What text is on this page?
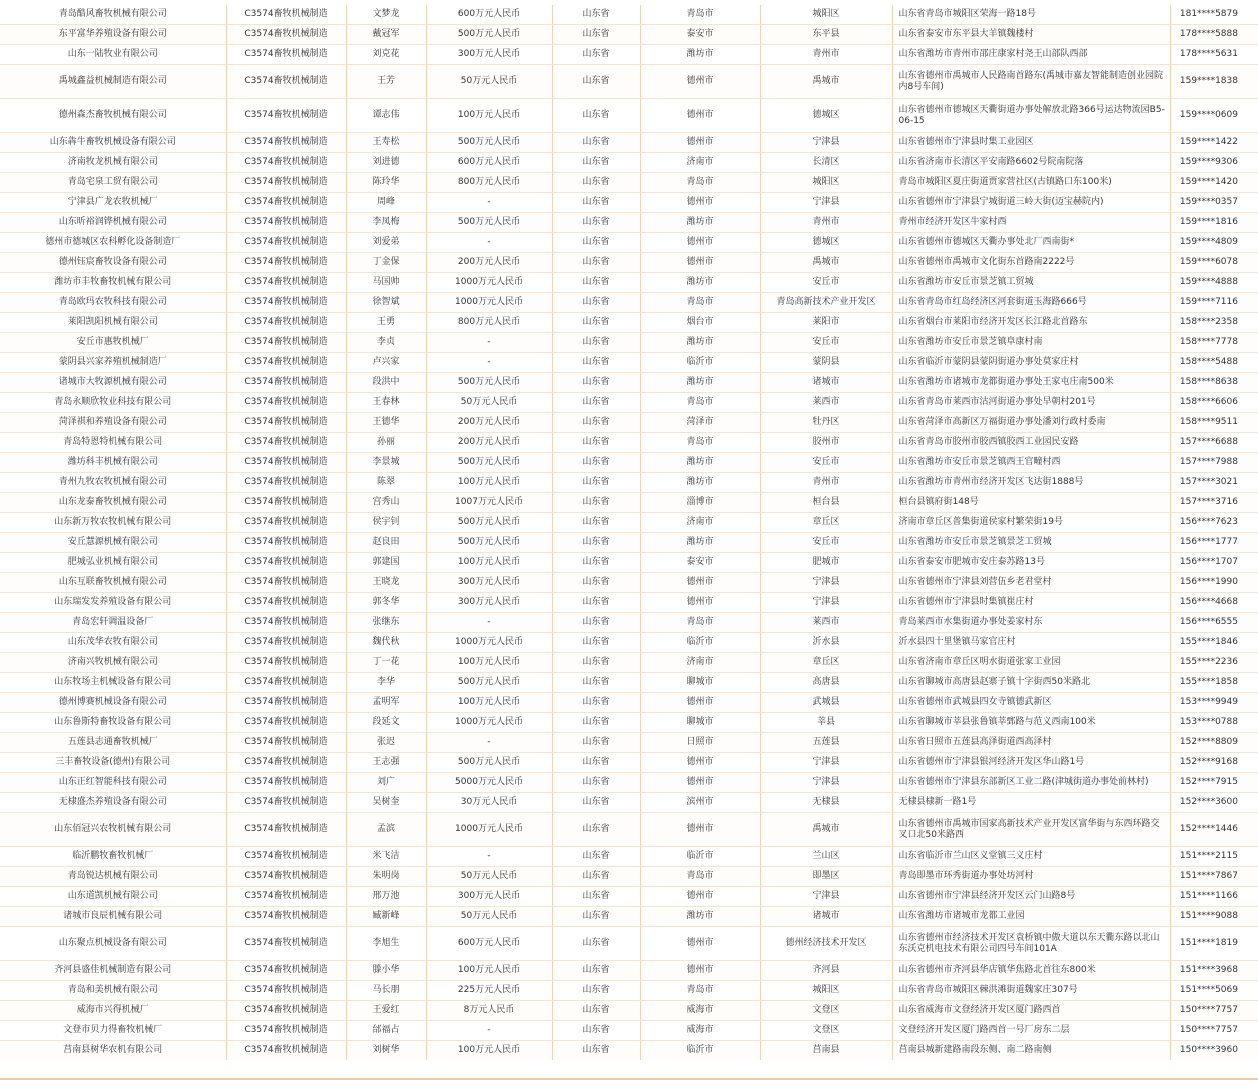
青岛酷风畜牧机械有限公司	C3574畜牧机械制造	文梦龙	600万元人民币	山东省	青岛市	城阳区	山东省青岛市城阳区荣海一路18号	181****5879
东平富华养殖设备有限公司	C3574畜牧机械制造	戴冠军	500万元人民币	山东省	泰安市	东平县	山东省泰安市东平县大羊镇魏楼村	178****5888
山东一陆牧业有限公司	C3574畜牧机械制造	刘克花	300万元人民币	山东省	潍坊市	青州市	山东省潍坊市青州市邵庄康家村尧王山部队西部	178****5631
禹城鑫益机械制造有限公司	C3574畜牧机械制造	王芳	50万元人民币	山东省	德州市	禹城市	山东省德州市禹城市人民路南首路东(禹城市嘉友智能制造创业园院内8号车间)	159****1838
德州森杰畜牧机械有限公司	C3574畜牧机械制造	谭志伟	100万元人民币	山东省	德州市	德城区	山东省德州市德城区天衢街道办事处解放北路366号运达物流园B5-06-15	159****0609
山东犇牛畜牧机械设备有限公司	C3574畜牧机械制造	王寿松	500万元人民币	山东省	德州市	宁津县	山东省德州市宁津县时集工业园区	159****1422
济南牧龙机械有限公司	C3574畜牧机械制造	刘进德	600万元人民币	山东省	济南市	长清区	山东省济南市长清区平安南路6602号院南院落	159****9306
青岛宅泉工贸有限公司	C3574畜牧机械制造	陈玲华	800万元人民币	山东省	青岛市	城阳区	青岛市城阳区夏庄街道贾家营社区(古镇路口东100米)	159****1420
宁津县广龙农牧机械厂	C3574畜牧机械制造	周峰	-	山东省	德州市	宁津县	山东省德州市宁津县宁城街道三岭大街(迈宝赫院内)	159****0357
山东昕裕润铧机械有限公司	C3574畜牧机械制造	李凤梅	500万元人民币	山东省	潍坊市	青州市	青州市经济开发区牛家村西	159****1816
德州市德城区农科孵化设备制造厂	C3574畜牧机械制造	刘爱弟	-	山东省	德州市	德城区	山东省德州市德城区天衢办事处北厂西南街*	159****4809
德州钰宸畜牧设备有限公司	C3574畜牧机械制造	丁金保	200万元人民币	山东省	德州市	禹城市	山东省德州市禹城市文化街东首路南2222号	159****6078
潍坊市丰牧畜牧机械有限公司	C3574畜牧机械制造	马国帅	1000万元人民币	山东省	潍坊市	安丘市	山东省潍坊市安丘市景芝镇工贸城	159****4888
青岛欧玛农牧科技有限公司	C3574畜牧机械制造	徐智斌	1000万元人民币	山东省	青岛市	青岛高新技术产业开发区	山东省青岛市红岛经济区河套街道玉海路666号	159****7116
莱阳凯阳机械有限公司	C3574畜牧机械制造	王勇	800万元人民币	山东省	烟台市	莱阳市	山东省烟台市莱阳市经济开发区长江路北首路东	158****2358
安丘市惠牧机械厂	C3574畜牧机械制造	李贞	-	山东省	潍坊市	安丘市	山东省潍坊市安丘市景芝镇阜康村南	158****7778
蒙阴县兴家养殖机械制造厂	C3574畜牧机械制造	卢兴家	-	山东省	临沂市	蒙阴县	山东省临沂市蒙阴县蒙阴街道办事处莫家庄村	158****5488
诸城市大牧源机械有限公司	C3574畜牧机械制造	段洪中	500万元人民币	山东省	潍坊市	诸城市	山东省潍坊市诸城市龙都街道办事处王家屯庄南500米	158****8638
青岛永顺欣牧业科技有限公司	C3574畜牧机械制造	王春林	50万元人民币	山东省	青岛市	莱西市	山东省青岛市莱西市沽河街道办事处早朝村201号	158****6606
菏泽祺和养殖设备有限公司	C3574畜牧机械制造	王德华	200万元人民币	山东省	菏泽市	牡丹区	山东省菏泽市高新区万福街道办事处潘刘行政村委南	158****9511
青岛特恩特机械有限公司	C3574畜牧机械制造	孙丽	200万元人民币	山东省	青岛市	胶州市	山东省青岛市胶州市胶西镇胶西工业园民安路	157****6688
潍坊科丰机械有限公司	C3574畜牧机械制造	李景城	500万元人民币	山东省	潍坊市	安丘市	山东省潍坊市安丘市景芝镇西王官疃村西	157****7988
青州九牧农牧机械有限公司	C3574畜牧机械制造	陈翠	100万元人民币	山东省	潍坊市	青州市	山东省潍坊市青州市经济开发区飞达街1888号	157****3021
山东龙泰畜牧机械有限公司	C3574畜牧机械制造	宫秀山	1007万元人民币	山东省	淄博市	桓台县	桓台县镇府街148号	157****3716
山东新万牧农牧机械有限公司	C3574畜牧机械制造	侯宇钊	500万元人民币	山东省	济南市	章丘区	济南市章丘区普集街道侯家村繁荣街19号	156****7623
安丘慧源机械有限公司	C3574畜牧机械制造	赵良田	500万元人民币	山东省	潍坊市	安丘市	山东省潍坊市安丘市景芝镇景芝工贸城	156****1777
肥城弘业机械有限公司	C3574畜牧机械制造	郭建国	100万元人民币	山东省	泰安市	肥城市	山东省泰安市肥城市安庄泰苏路13号	156****1707
山东互联畜牧机械有限公司	C3574畜牧机械制造	王晓龙	300万元人民币	山东省	德州市	宁津县	山东省德州市宁津县刘营伍乡老君堂村	156****1990
山东瑞发发养殖设备有限公司	C3574畜牧机械制造	郭冬华	300万元人民币	山东省	德州市	宁津县	山东省德州市宁津县时集镇崔庄村	156****4668
青岛宏轩调温设备厂	C3574畜牧机械制造	张继东	-	山东省	青岛市	莱西市	青岛莱西市水集街道办事处姜家村东	156****6555
山东茂华农牧有限公司	C3574畜牧机械制造	魏代秋	1000万元人民币	山东省	临沂市	沂水县	沂水县四十里堡镇马家官庄村	155****1846
济南兴牧机械有限公司	C3574畜牧机械制造	丁一花	100万元人民币	山东省	济南市	章丘区	山东省济南市章丘区明水街道张家工业园	155****2236
山东牧场主机械设备有限公司	C3574畜牧机械制造	李华	500万元人民币	山东省	聊城市	高唐县	山东省聊城市高唐县赵寨子镇十字街西50米路北	155****1858
德州博赛机械设备有限公司	C3574畜牧机械制造	孟明军	100万元人民币	山东省	德州市	武城县	山东省德州市武城县四女寺镇德武新区	153****9949
山东鲁斯特畜牧设备有限公司	C3574畜牧机械制造	段延文	1000万元人民币	山东省	聊城市	莘县	山东省聊城市莘县张鲁镇莘鄄路与范义西南100米	153****0788
五莲县志通畜牧机械厂	C3574畜牧机械制造	张迟	-	山东省	日照市	五莲县	山东省日照市五莲县高泽街道西高泽村	152****8809
三丰畜牧设备(德州)有限公司	C3574畜牧机械制造	王志强	500万元人民币	山东省	德州市	宁津县	山东省德州市宁津县银河经济开发区华山路1号	152****9168
山东正红智能科技有限公司	C3574畜牧机械制造	刘广	5000万元人民币	山东省	德州市	宁津县	山东省德州市宁津县东部新区工业二路(津城街道办事处前林村)	152****7915
无棣盛杰养殖设备有限公司	C3574畜牧机械制造	吴树奎	30万元人民币	山东省	滨州市	无棣县	无棣县棣新一路1号	152****3600
山东佰冠兴农牧机械有限公司	C3574畜牧机械制造	孟滨	1000万元人民币	山东省	德州市	禹城市	山东省德州市禹城市国家高新技术产业开发区富华街与东西环路交叉口北50米路西	152****1446
临沂鹏牧畜牧机械厂	C3574畜牧机械制造	米飞洁	-	山东省	临沂市	兰山区	山东省临沂市兰山区义堂镇三义庄村	151****2115
青岛锐达机械有限公司	C3574畜牧机械制造	朱明岗	50万元人民币	山东省	青岛市	即墨区	青岛即墨市环秀街道办事处坊河村	151****7867
山东道凯机械有限公司	C3574畜牧机械制造	邢万池	300万元人民币	山东省	德州市	宁津县	山东省德州市宁津县经济开发区云门山路8号	151****1166
诸城市良辰机械有限公司	C3574畜牧机械制造	臧新峰	50万元人民币	山东省	潍坊市	诸城市	山东省潍坊市诸城市龙都工业园	151****9088
山东聚点机械设备有限公司	C3574畜牧机械制造	李旭生	600万元人民币	山东省	德州市	德州经济技术开发区	山东省德州市经济技术开发区袁桥镇中傲大道以东天衢东路以北山东沃克机电技术有限公司四号车间101A	151****1819
齐河县盛佳机械制造有限公司	C3574畜牧机械制造	滕小华	100万元人民币	山东省	德州市	齐河县	山东省德州市齐河县华店镇华焦路北首往东800米	151****3968
青岛和美机械有限公司	C3574畜牧机械制造	马长朋	225万元人民币	山东省	青岛市	城阳区	山东省青岛市城阳区棘洪滩街道魏家庄307号	151****5069
威海市兴得机械厂	C3574畜牧机械制造	王爱红	8万元人民币	山东省	威海市	文登区	山东省威海市文登经济开发区厦门路西首	150****7757
文登市贝力得畜牧机械厂	C3574畜牧机械制造	邰福占	-	山东省	威海市	文登区	文登经济开发区厦门路西首一号厂房东二层	150****7757
莒南县树华农机有限公司	C3574畜牧机械制造	刘树华	100万元人民币	山东省	临沂市	莒南县	莒南县城新建路南段东侧、南二路南侧	150****3960
